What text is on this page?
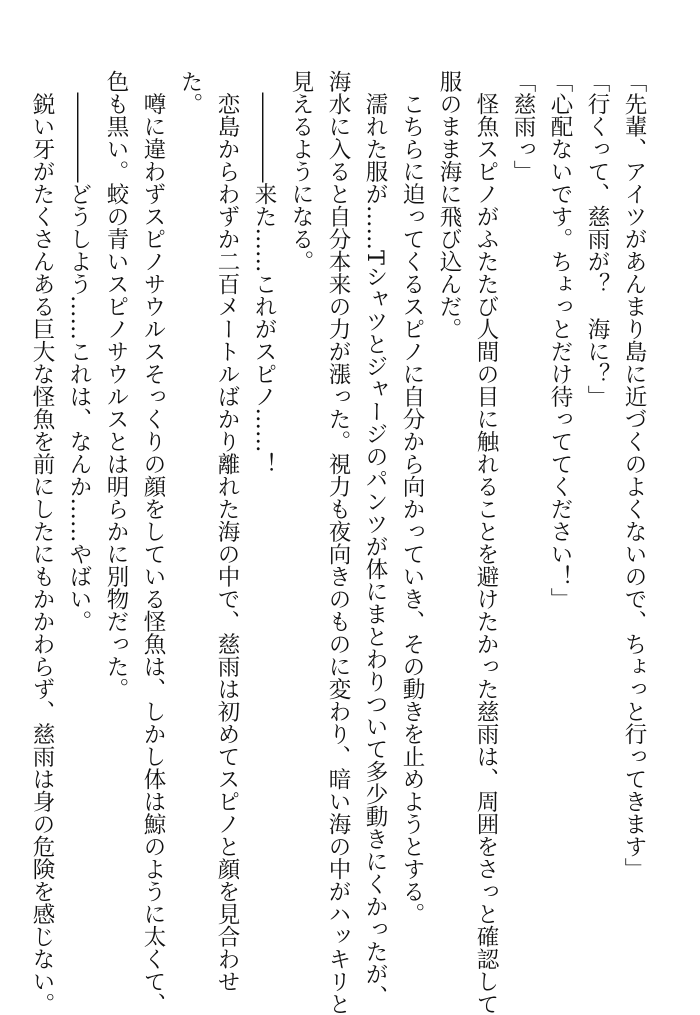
「先輩、アイツがあんまり島に近づくのよくないので、ちょっと行ってきます」
「行くって、慈雨が？　海に？」
「心配ないです。ちょっとだけ待っててください！」
「慈雨っ」
　怪魚スピノがふたたび人間の目に触れることを避けたかった慈雨は、周囲をさっと確認して
服のまま海に飛び込んだ。
　こちらに迫ってくるスピノに自分から向かっていき、その動きを止めようとする。
　濡れた服が……Tシャツとジャージのパンツが体にまとわりついて多少動きにくかったが、
海水に入ると自分本来の力が漲った。視力も夜向きのものに変わり、暗い海の中がハッキリと
見えるようになる。
　――――来た……これがスピノ……！
　恋島からわずか二百メートルばかり離れた海の中で、慈雨は初めてスピノと顔を見合わせ
た。
　噂に違わずスピノサウルスそっくりの顔をしている怪魚は、しかし体は鯨のように太くて、
色も黒い。蛟の青いスピノサウルスとは明らかに別物だった。
　――――どうしよう……これは、なんか……やばい。
　鋭い牙がたくさんある巨大な怪魚を前にしたにもかかわらず、慈雨は身の危険を感じない。
